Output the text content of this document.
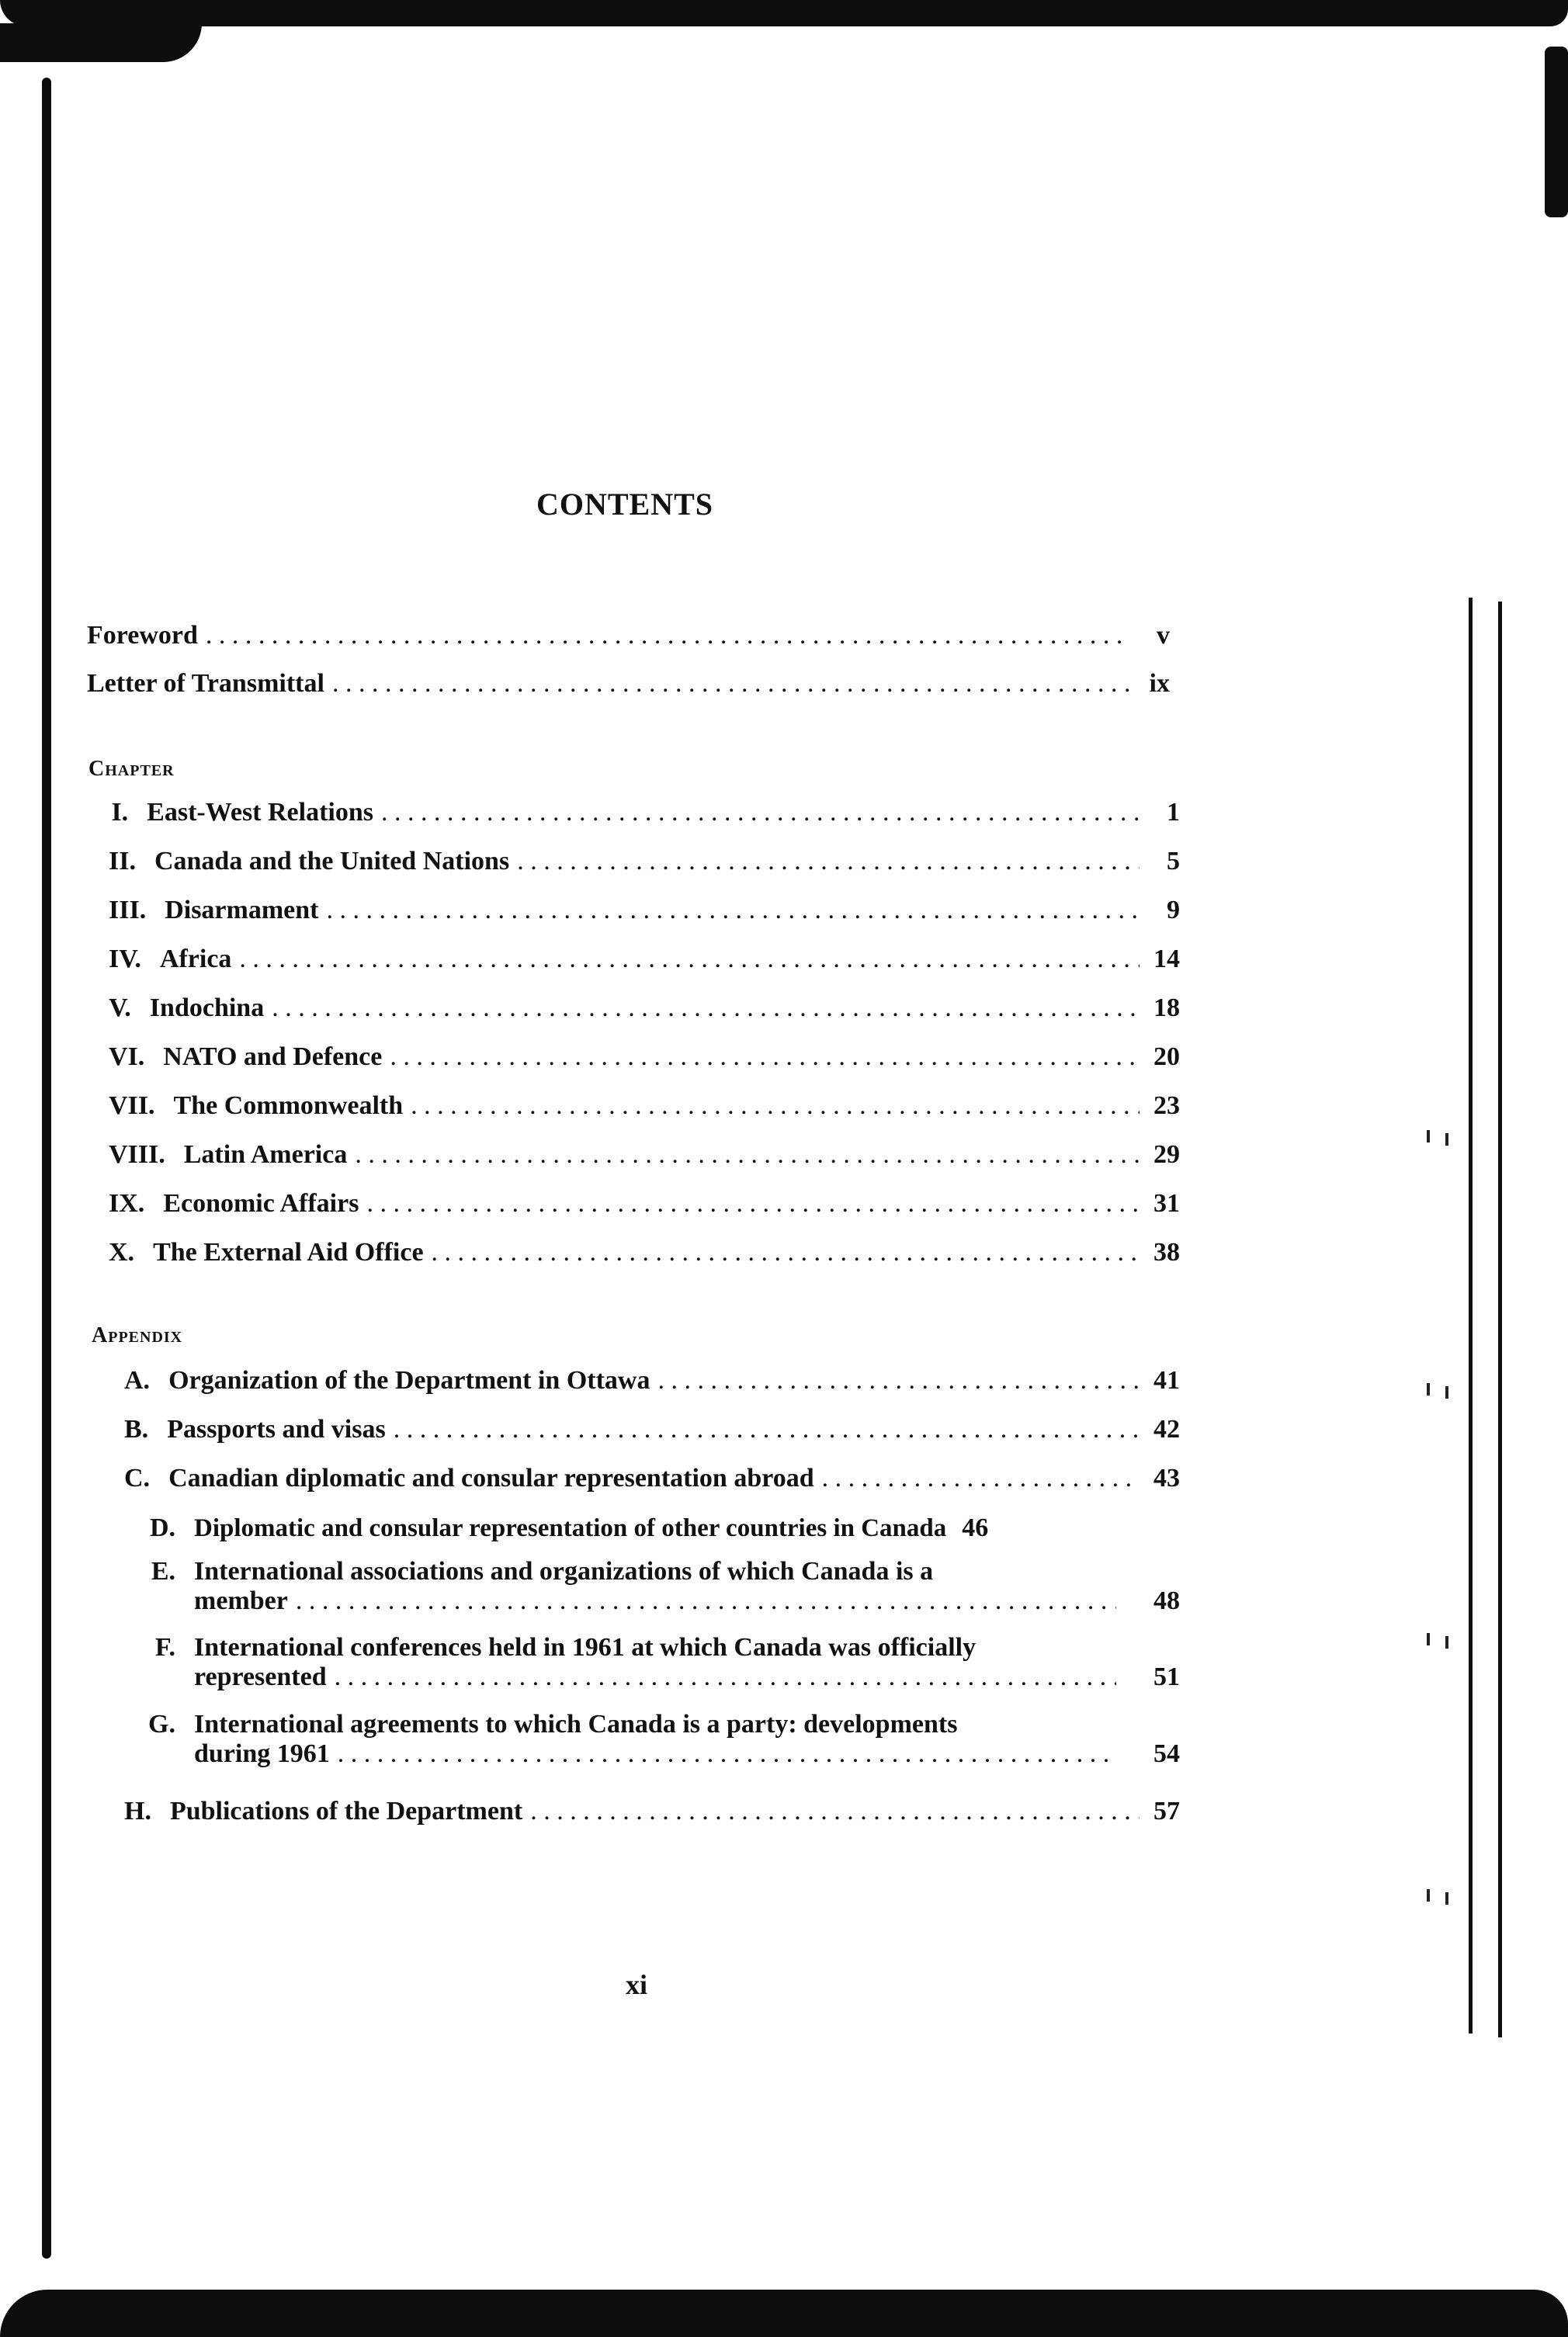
CONTENTS
Foreword . . .	v
Letter of Transmittal . . .	ix
Chapter
I. East-West Relations . . .	1
II. Canada and the United Nations . . .	5
III. Disarmament . . .	9
IV. Africa . . .	14
V. Indochina . . .	18
VI. NATO and Defence . . .	20
VII. The Commonwealth . . .	23
VIII. Latin America . . .	29
IX. Economic Affairs . . .	31
X. The External Aid Office . . .	38
Appendix
A. Organization of the Department in Ottawa . . .	41
B. Passports and visas . . .	42
C. Canadian diplomatic and consular representation abroad . . .	43
D. Diplomatic and consular representation of other countries in Canada 46
E. International associations and organizations of which Canada is a
member . . .	48
F. International conferences held in 1961 at which Canada was officially
represented . . .	51
G. International agreements to which Canada is a party: developments
during 1961 . . .	54
H. Publications of the Department . . .	57
xi
